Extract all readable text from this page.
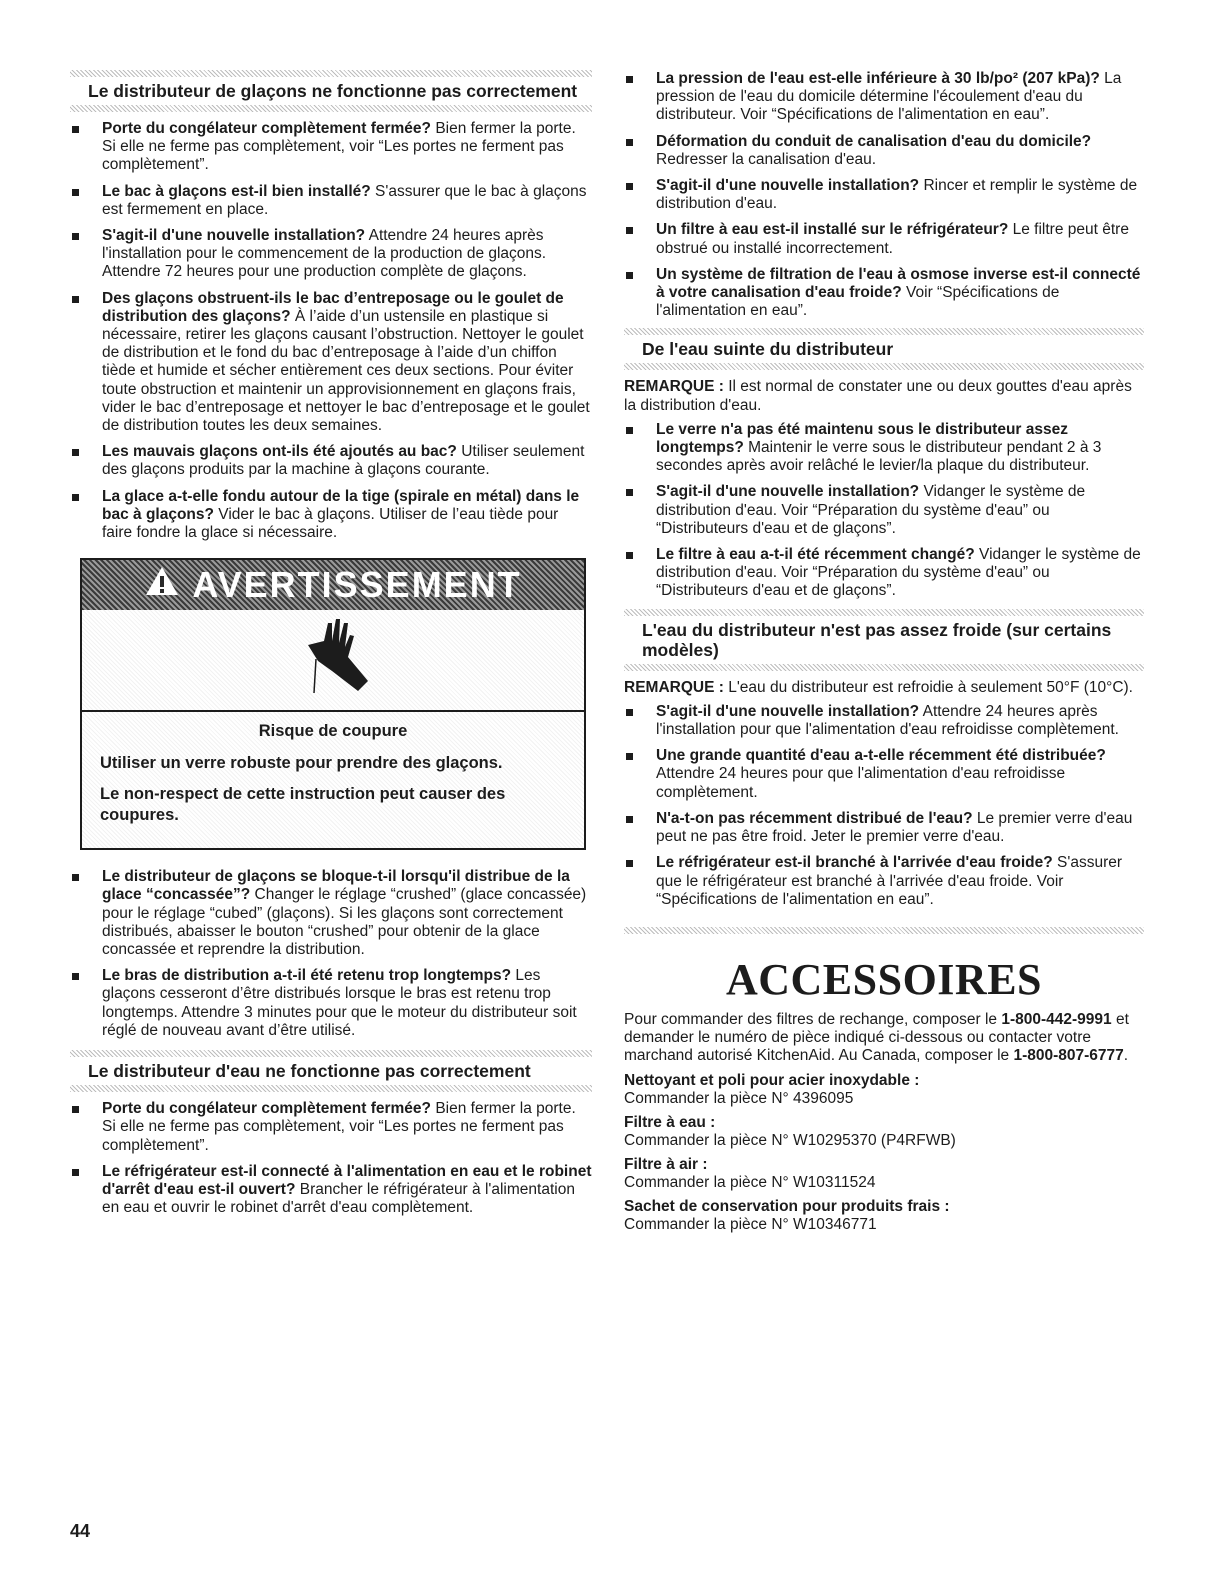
Le distributeur de glaçons ne fonctionne pas correctement
Porte du congélateur complètement fermée? Bien fermer la porte. Si elle ne ferme pas complètement, voir “Les portes ne ferment pas complètement”.
Le bac à glaçons est-il bien installé? S'assurer que le bac à glaçons est fermement en place.
S'agit-il d'une nouvelle installation? Attendre 24 heures après l'installation pour le commencement de la production de glaçons. Attendre 72 heures pour une production complète de glaçons.
Des glaçons obstruent-ils le bac d’entreposage ou le goulet de distribution des glaçons? À l’aide d’un ustensile en plastique si nécessaire, retirer les glaçons causant l’obstruction. Nettoyer le goulet de distribution et le fond du bac d’entreposage à l’aide d’un chiffon tiède et humide et sécher entièrement ces deux sections. Pour éviter toute obstruction et maintenir un approvisionnement en glaçons frais, vider le bac d’entreposage et nettoyer le bac d’entreposage et le goulet de distribution toutes les deux semaines.
Les mauvais glaçons ont-ils été ajoutés au bac? Utiliser seulement des glaçons produits par la machine à glaçons courante.
La glace a-t-elle fondu autour de la tige (spirale en métal) dans le bac à glaçons? Vider le bac à glaçons. Utiliser de l’eau tiède pour faire fondre la glace si nécessaire.
AVERTISSEMENT

Risque de coupure

Utiliser un verre robuste pour prendre des glaçons.

Le non-respect de cette instruction peut causer des coupures.

Le distributeur de glaçons se bloque-t-il lorsqu'il distribue de la glace “concassée”? Changer le réglage “crushed” (glace concassée) pour le réglage “cubed” (glaçons). Si les glaçons sont correctement distribués, abaisser le bouton “crushed” pour obtenir de la glace concassée et reprendre la distribution.
Le bras de distribution a-t-il été retenu trop longtemps? Les glaçons cesseront d’être distribués lorsque le bras est retenu trop longtemps. Attendre 3 minutes pour que le moteur du distributeur soit réglé de nouveau avant d’être utilisé.
Le distributeur d'eau ne fonctionne pas correctement
Porte du congélateur complètement fermée? Bien fermer la porte. Si elle ne ferme pas complètement, voir “Les portes ne ferment pas complètement”.
Le réfrigérateur est-il connecté à l'alimentation en eau et le robinet d'arrêt d'eau est-il ouvert? Brancher le réfrigérateur à l'alimentation en eau et ouvrir le robinet d'arrêt d'eau complètement.
La pression de l'eau est-elle inférieure à 30 lb/po² (207 kPa)? La pression de l'eau du domicile détermine l'écoulement d'eau du distributeur. Voir “Spécifications de l'alimentation en eau”.
Déformation du conduit de canalisation d'eau du domicile? Redresser la canalisation d'eau.
S'agit-il d'une nouvelle installation? Rincer et remplir le système de distribution d'eau.
Un filtre à eau est-il installé sur le réfrigérateur? Le filtre peut être obstrué ou installé incorrectement.
Un système de filtration de l'eau à osmose inverse est-il connecté à votre canalisation d'eau froide? Voir “Spécifications de l'alimentation en eau”.
De l'eau suinte du distributeur

REMARQUE : Il est normal de constater une ou deux gouttes d'eau après la distribution d'eau.

Le verre n'a pas été maintenu sous le distributeur assez longtemps? Maintenir le verre sous le distributeur pendant 2 à 3 secondes après avoir relâché le levier/la plaque du distributeur.
S'agit-il d'une nouvelle installation? Vidanger le système de distribution d'eau. Voir “Préparation du système d'eau” ou “Distributeurs d'eau et de glaçons”.
Le filtre à eau a-t-il été récemment changé? Vidanger le système de distribution d'eau. Voir “Préparation du système d'eau” ou “Distributeurs d'eau et de glaçons”.
L'eau du distributeur n'est pas assez froide (sur certains modèles)

REMARQUE : L'eau du distributeur est refroidie à seulement 50°F (10°C).

S'agit-il d'une nouvelle installation? Attendre 24 heures après l'installation pour que l'alimentation d'eau refroidisse complètement.
Une grande quantité d'eau a-t-elle récemment été distribuée? Attendre 24 heures pour que l'alimentation d'eau refroidisse complètement.
N'a-t-on pas récemment distribué de l'eau? Le premier verre d'eau peut ne pas être froid. Jeter le premier verre d'eau.
Le réfrigérateur est-il branché à l'arrivée d'eau froide? S'assurer que le réfrigérateur est branché à l'arrivée d'eau froide. Voir “Spécifications de l'alimentation en eau”.
ACCESSOIRES

Pour commander des filtres de rechange, composer le 1-800-442-9991 et demander le numéro de pièce indiqué ci-dessous ou contacter votre marchand autorisé KitchenAid. Au Canada, composer le 1-800-807-6777.

Nettoyant et poli pour acier inoxydable :
Commander la pièce N° 4396095
Filtre à eau :
Commander la pièce N° W10295370 (P4RFWB)
Filtre à air :
Commander la pièce N° W10311524
Sachet de conservation pour produits frais :
Commander la pièce N° W10346771
44
